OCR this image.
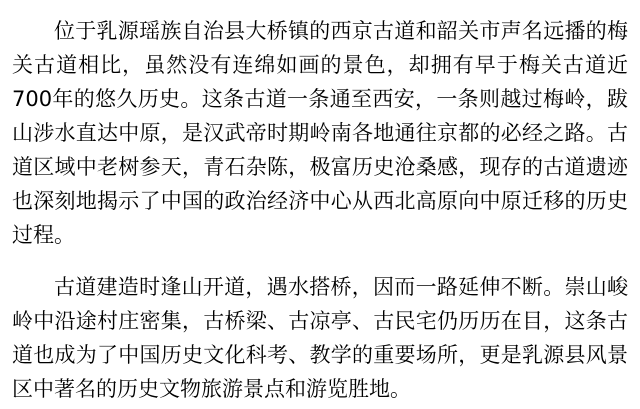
位于乳源瑶族自治县大桥镇的西京古道和韶关市声名远播的梅关古道相比，虽然没有连绵如画的景色，却拥有早于梅关古道近700年的悠久历史。这条古道一条通至西安，一条则越过梅岭，跋山涉水直达中原，是汉武帝时期岭南各地通往京都的必经之路。古道区域中老树参天，青石杂陈，极富历史沧桑感，现存的古道遗迹也深刻地揭示了中国的政治经济中心从西北高原向中原迁移的历史过程。

古道建造时逢山开道，遇水搭桥，因而一路延伸不断。崇山峻岭中沿途村庄密集，古桥梁、古凉亭、古民宅仍历历在目，这条古道也成为了中国历史文化科考、教学的重要场所，更是乳源县风景区中著名的历史文物旅游景点和游览胜地。
